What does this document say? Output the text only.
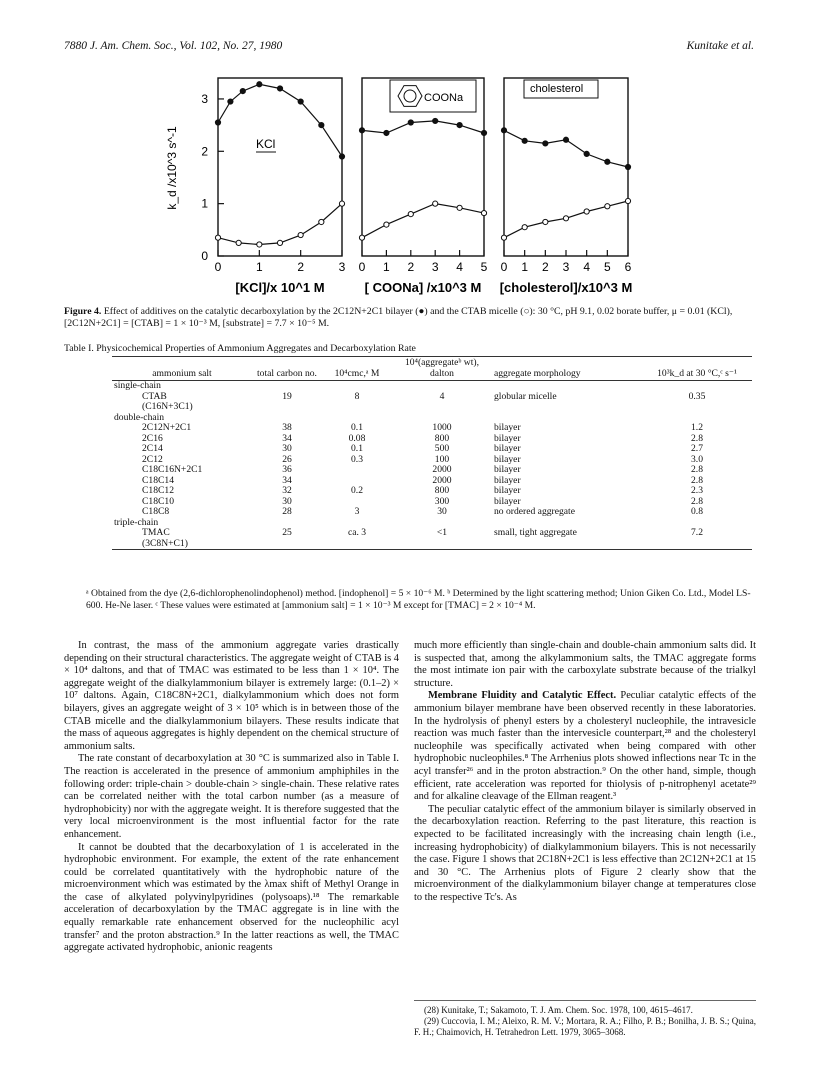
7880 J. Am. Chem. Soc., Vol. 102, No. 27, 1980	Kunitake et al.
3
2
1
0
k_d /x10^3 s^-1
0	1	2	3
[KCl]/x 10^1 M
0 1 2 3 4 5
[ COONa] /x10^3 M
0 1 2 3 4 5 6
[cholesterol]/x10^3 M
KCl
COONa
cholesterol
Figure 4. Effect of additives on the catalytic decarboxylation by the 2C12N+2C1 bilayer (●) and the CTAB micelle (○): 30 °C, pH 9.1, 0.02 borate buffer, μ = 0.01 (KCl), [2C12N+2C1] = [CTAB] = 1 × 10⁻³ M, [substrate] = 7.7 × 10⁻⁵ M.
Table I. Physicochemical Properties of Ammonium Aggregates and Decarboxylation Rate
ammonium salt	total carbon no.	10⁴cmc,ᵃ M	10⁴(aggregateᵇ wt), dalton	aggregate morphology	10³k_d at 30 °C,ᶜ s⁻¹
single-chain					
CTAB	19	8	4	globular micelle	0.35
(C16N+3C1)					
double-chain					
2C12N+2C1	38	0.1	1000	bilayer	1.2
2C16	34	0.08	800	bilayer	2.8
2C14	30	0.1	500	bilayer	2.7
2C12	26	0.3	100	bilayer	3.0
C18C16N+2C1	36		2000	bilayer	2.8
C18C14	34		2000	bilayer	2.8
C18C12	32	0.2	800	bilayer	2.3
C18C10	30		300	bilayer	2.8
C18C8	28	3	30	no ordered aggregate	0.8
triple-chain					
TMAC	25	ca. 3	<1	small, tight aggregate	7.2
(3C8N+C1)					
ᵃ Obtained from the dye (2,6-dichlorophenolindophenol) method. [indophenol] = 5 × 10⁻⁶ M. ᵇ Determined by the light scattering method; Union Giken Co. Ltd., Model LS-600. He-Ne laser. ᶜ These values were estimated at [ammonium salt] = 1 × 10⁻³ M except for [TMAC] = 2 × 10⁻⁴ M.

In contrast, the mass of the ammonium aggregate varies drastically depending on their structural characteristics. The aggregate weight of CTAB is 4 × 10⁴ daltons, and that of TMAC was estimated to be less than 1 × 10⁴. The aggregate weight of the dialkylammonium bilayer is extremely large: (0.1–2) × 10⁷ daltons. Again, C18C8N+2C1, dialkylammonium which does not form bilayers, gives an aggregate weight of 3 × 10⁵ which is in between those of the CTAB micelle and the dialkylammonium bilayers. These results indicate that the mass of aqueous aggregates is highly dependent on the chemical structure of ammonium salts.

The rate constant of decarboxylation at 30 °C is summarized also in Table I. The reaction is accelerated in the presence of ammonium amphiphiles in the following order: triple-chain > double-chain > single-chain. These relative rates can be correlated neither with the total carbon number (as a measure of hydrophobicity) nor with the aggregate weight. It is therefore suggested that the very local microenvironment is the most influential factor for the rate enhancement.

It cannot be doubted that the decarboxylation of 1 is accelerated in the hydrophobic environment. For example, the extent of the rate enhancement could be correlated quantitatively with the hydrophobic nature of the microenvironment which was estimated by the λmax shift of Methyl Orange in the case of alkylated polyvinylpyridines (polysoaps).¹⁸ The remarkable acceleration of decarboxylation by the TMAC aggregate is in line with the equally remarkable rate enhancement observed for the nucleophilic acyl transfer⁷ and the proton abstraction.⁹ In the latter reactions as well, the TMAC aggregate activated hydrophobic, anionic reagents

much more efficiently than single-chain and double-chain ammonium salts did. It is suspected that, among the alkylammonium salts, the TMAC aggregate forms the most intimate ion pair with the carboxylate substrate because of the trialkyl structure.

Membrane Fluidity and Catalytic Effect. Peculiar catalytic effects of the ammonium bilayer membrane have been observed recently in these laboratories. In the hydrolysis of phenyl esters by a cholesteryl nucleophile, the intravesicle reaction was much faster than the intervesicle counterpart,²⁸ and the cholesteryl nucleophile was specifically activated when being compared with other hydrophobic nucleophiles.⁸ The Arrhenius plots showed inflections near Tc in the acyl transfer²⁶ and in the proton abstraction.⁹ On the other hand, simple, though efficient, rate acceleration was reported for thiolysis of p-nitrophenyl acetate²⁹ and for alkaline cleavage of the Ellman reagent.³

The peculiar catalytic effect of the ammonium bilayer is similarly observed in the decarboxylation reaction. Referring to the past literature, this reaction is expected to be facilitated increasingly with the increasing chain length (i.e., increasing hydrophobicity) of dialkylammonium bilayers. This is not necessarily the case. Figure 1 shows that 2C18N+2C1 is less effective than 2C12N+2C1 at 15 and 30 °C. The Arrhenius plots of Figure 2 clearly show that the microenvironment of the dialkylammonium bilayer change at temperatures close to the respective Tc's. As

(28) Kunitake, T.; Sakamoto, T. J. Am. Chem. Soc. 1978, 100, 4615–4617.

(29) Cuccovia, I. M.; Aleixo, R. M. V.; Mortara, R. A.; Filho, P. B.; Bonilha, J. B. S.; Quina, F. H.; Chaimovich, H. Tetrahedron Lett. 1979, 3065–3068.
